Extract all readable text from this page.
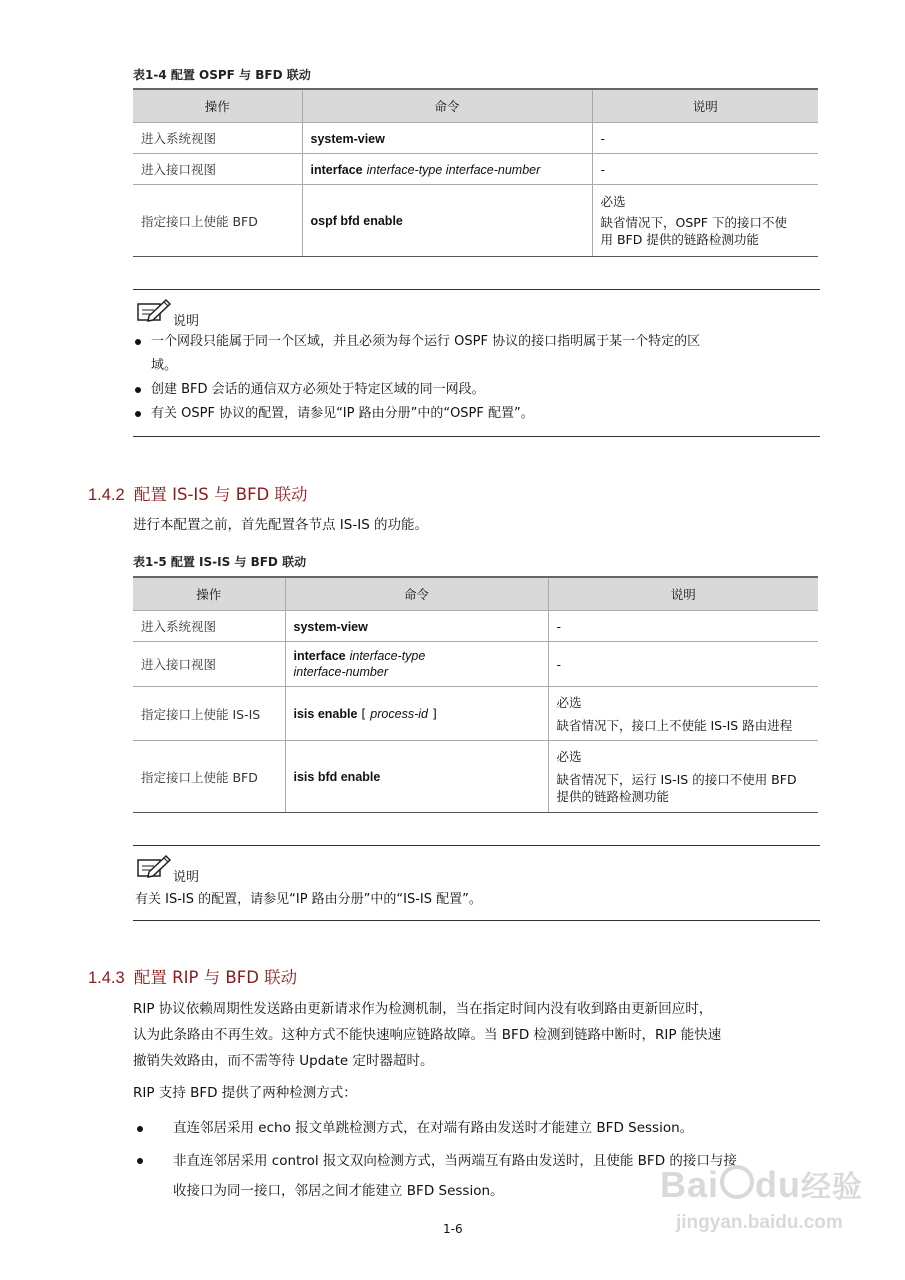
表1-4 配置 OSPF 与 BFD 联动
操作	命令	说明
进入系统视图	system-view	-
进入接口视图	interface interface-type interface-number	-
指定接口上使能 BFD	ospf bfd enable	必选
缺省情况下，OSPF 下的接口不使
用 BFD 提供的链路检测功能
说明
一个网段只能属于同一个区域，并且必须为每个运行 OSPF 协议的接口指明属于某一个特定的区
域。
创建 BFD 会话的通信双方必须处于特定区域的同一网段。
有关 OSPF 协议的配置，请参见“IP 路由分册”中的“OSPF 配置”。
1.4.2 配置 IS-IS 与 BFD 联动
进行本配置之前，首先配置各节点 IS-IS 的功能。
表1-5 配置 IS-IS 与 BFD 联动
操作	命令	说明
进入系统视图	system-view	-
进入接口视图	interface interface-type
interface-number	-
指定接口上使能 IS-IS	isis enable [ process-id ]	必选
缺省情况下，接口上不使能 IS-IS 路由进程

指定接口上使能 BFD	isis bfd enable	必选
缺省情况下，运行 IS-IS 的接口不使用 BFD
提供的链路检测功能
说明
有关 IS-IS 的配置，请参见“IP 路由分册”中的“IS-IS 配置”。
1.4.3 配置 RIP 与 BFD 联动
RIP 协议依赖周期性发送路由更新请求作为检测机制，当在指定时间内没有收到路由更新回应时，
认为此条路由不再生效。这种方式不能快速响应链路故障。当 BFD 检测到链路中断时，RIP 能快速
撤销失效路由，而不需等待 Update 定时器超时。
RIP 支持 BFD 提供了两种检测方式：
直连邻居采用 echo 报文单跳检测方式，在对端有路由发送时才能建立 BFD Session。
非直连邻居采用 control 报文双向检测方式，当两端互有路由发送时，且使能 BFD 的接口与接
收接口为同一接口，邻居之间才能建立 BFD Session。
1-6
Bai du经验
jingyan.baidu.com
